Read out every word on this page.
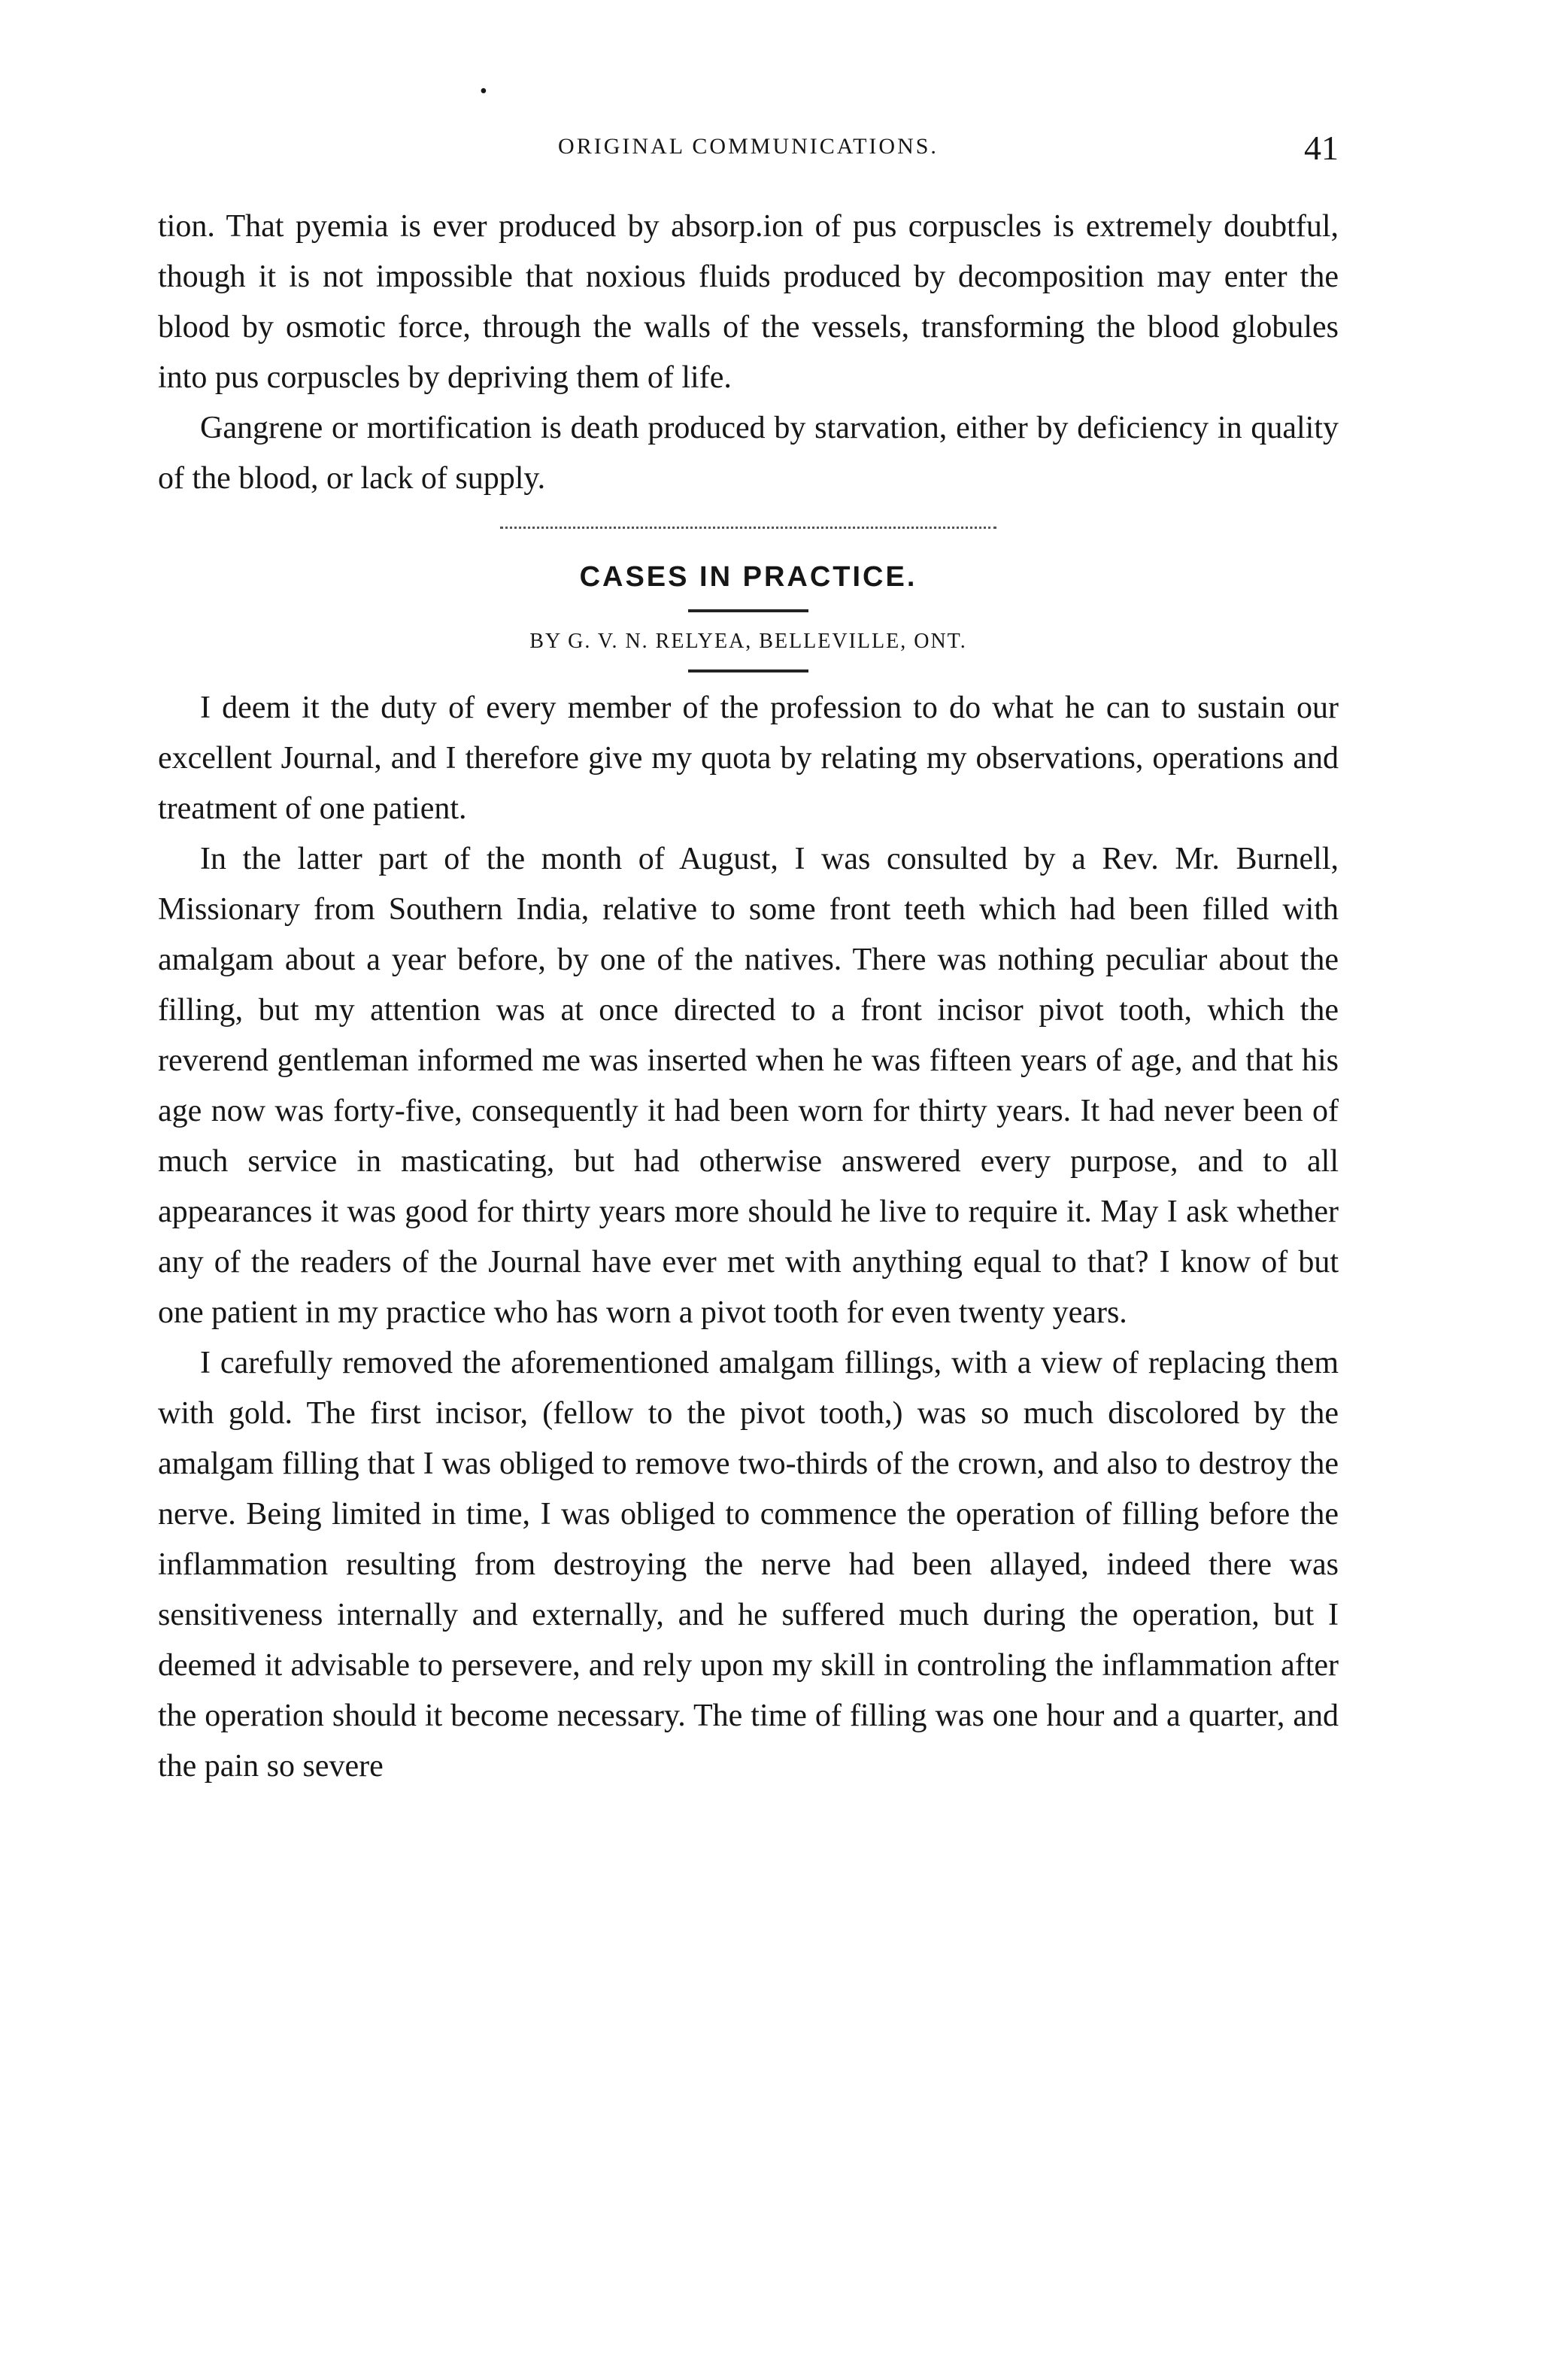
•
ORIGINAL COMMUNICATIONS.	41

tion. That pyemia is ever produced by absorp.ion of pus corpuscles is extremely doubtful, though it is not impossible that noxious fluids produced by decomposition may enter the blood by osmotic force, through the walls of the vessels, transforming the blood globules into pus corpuscles by depriving them of life.

Gangrene or mortification is death produced by starvation, either by deficiency in quality of the blood, or lack of supply.

CASES IN PRACTICE.

BY G. V. N. RELYEA, BELLEVILLE, ONT.

I deem it the duty of every member of the profession to do what he can to sustain our excellent Journal, and I therefore give my quota by relating my observations, operations and treatment of one patient.

In the latter part of the month of August, I was consulted by a Rev. Mr. Burnell, Missionary from Southern India, relative to some front teeth which had been filled with amalgam about a year before, by one of the natives. There was nothing peculiar about the filling, but my attention was at once directed to a front incisor pivot tooth, which the reverend gentleman informed me was inserted when he was fifteen years of age, and that his age now was forty-five, consequently it had been worn for thirty years. It had never been of much service in masticating, but had otherwise answered every purpose, and to all appearances it was good for thirty years more should he live to require it. May I ask whether any of the readers of the Journal have ever met with anything equal to that? I know of but one patient in my practice who has worn a pivot tooth for even twenty years.

I carefully removed the aforementioned amalgam fillings, with a view of replacing them with gold. The first incisor, (fellow to the pivot tooth,) was so much discolored by the amalgam filling that I was obliged to remove two-thirds of the crown, and also to destroy the nerve. Being limited in time, I was obliged to commence the operation of filling before the inflammation resulting from destroying the nerve had been allayed, indeed there was sensitiveness internally and externally, and he suffered much during the operation, but I deemed it advisable to persevere, and rely upon my skill in controling the inflammation after the operation should it become necessary. The time of filling was one hour and a quarter, and the pain so severe
